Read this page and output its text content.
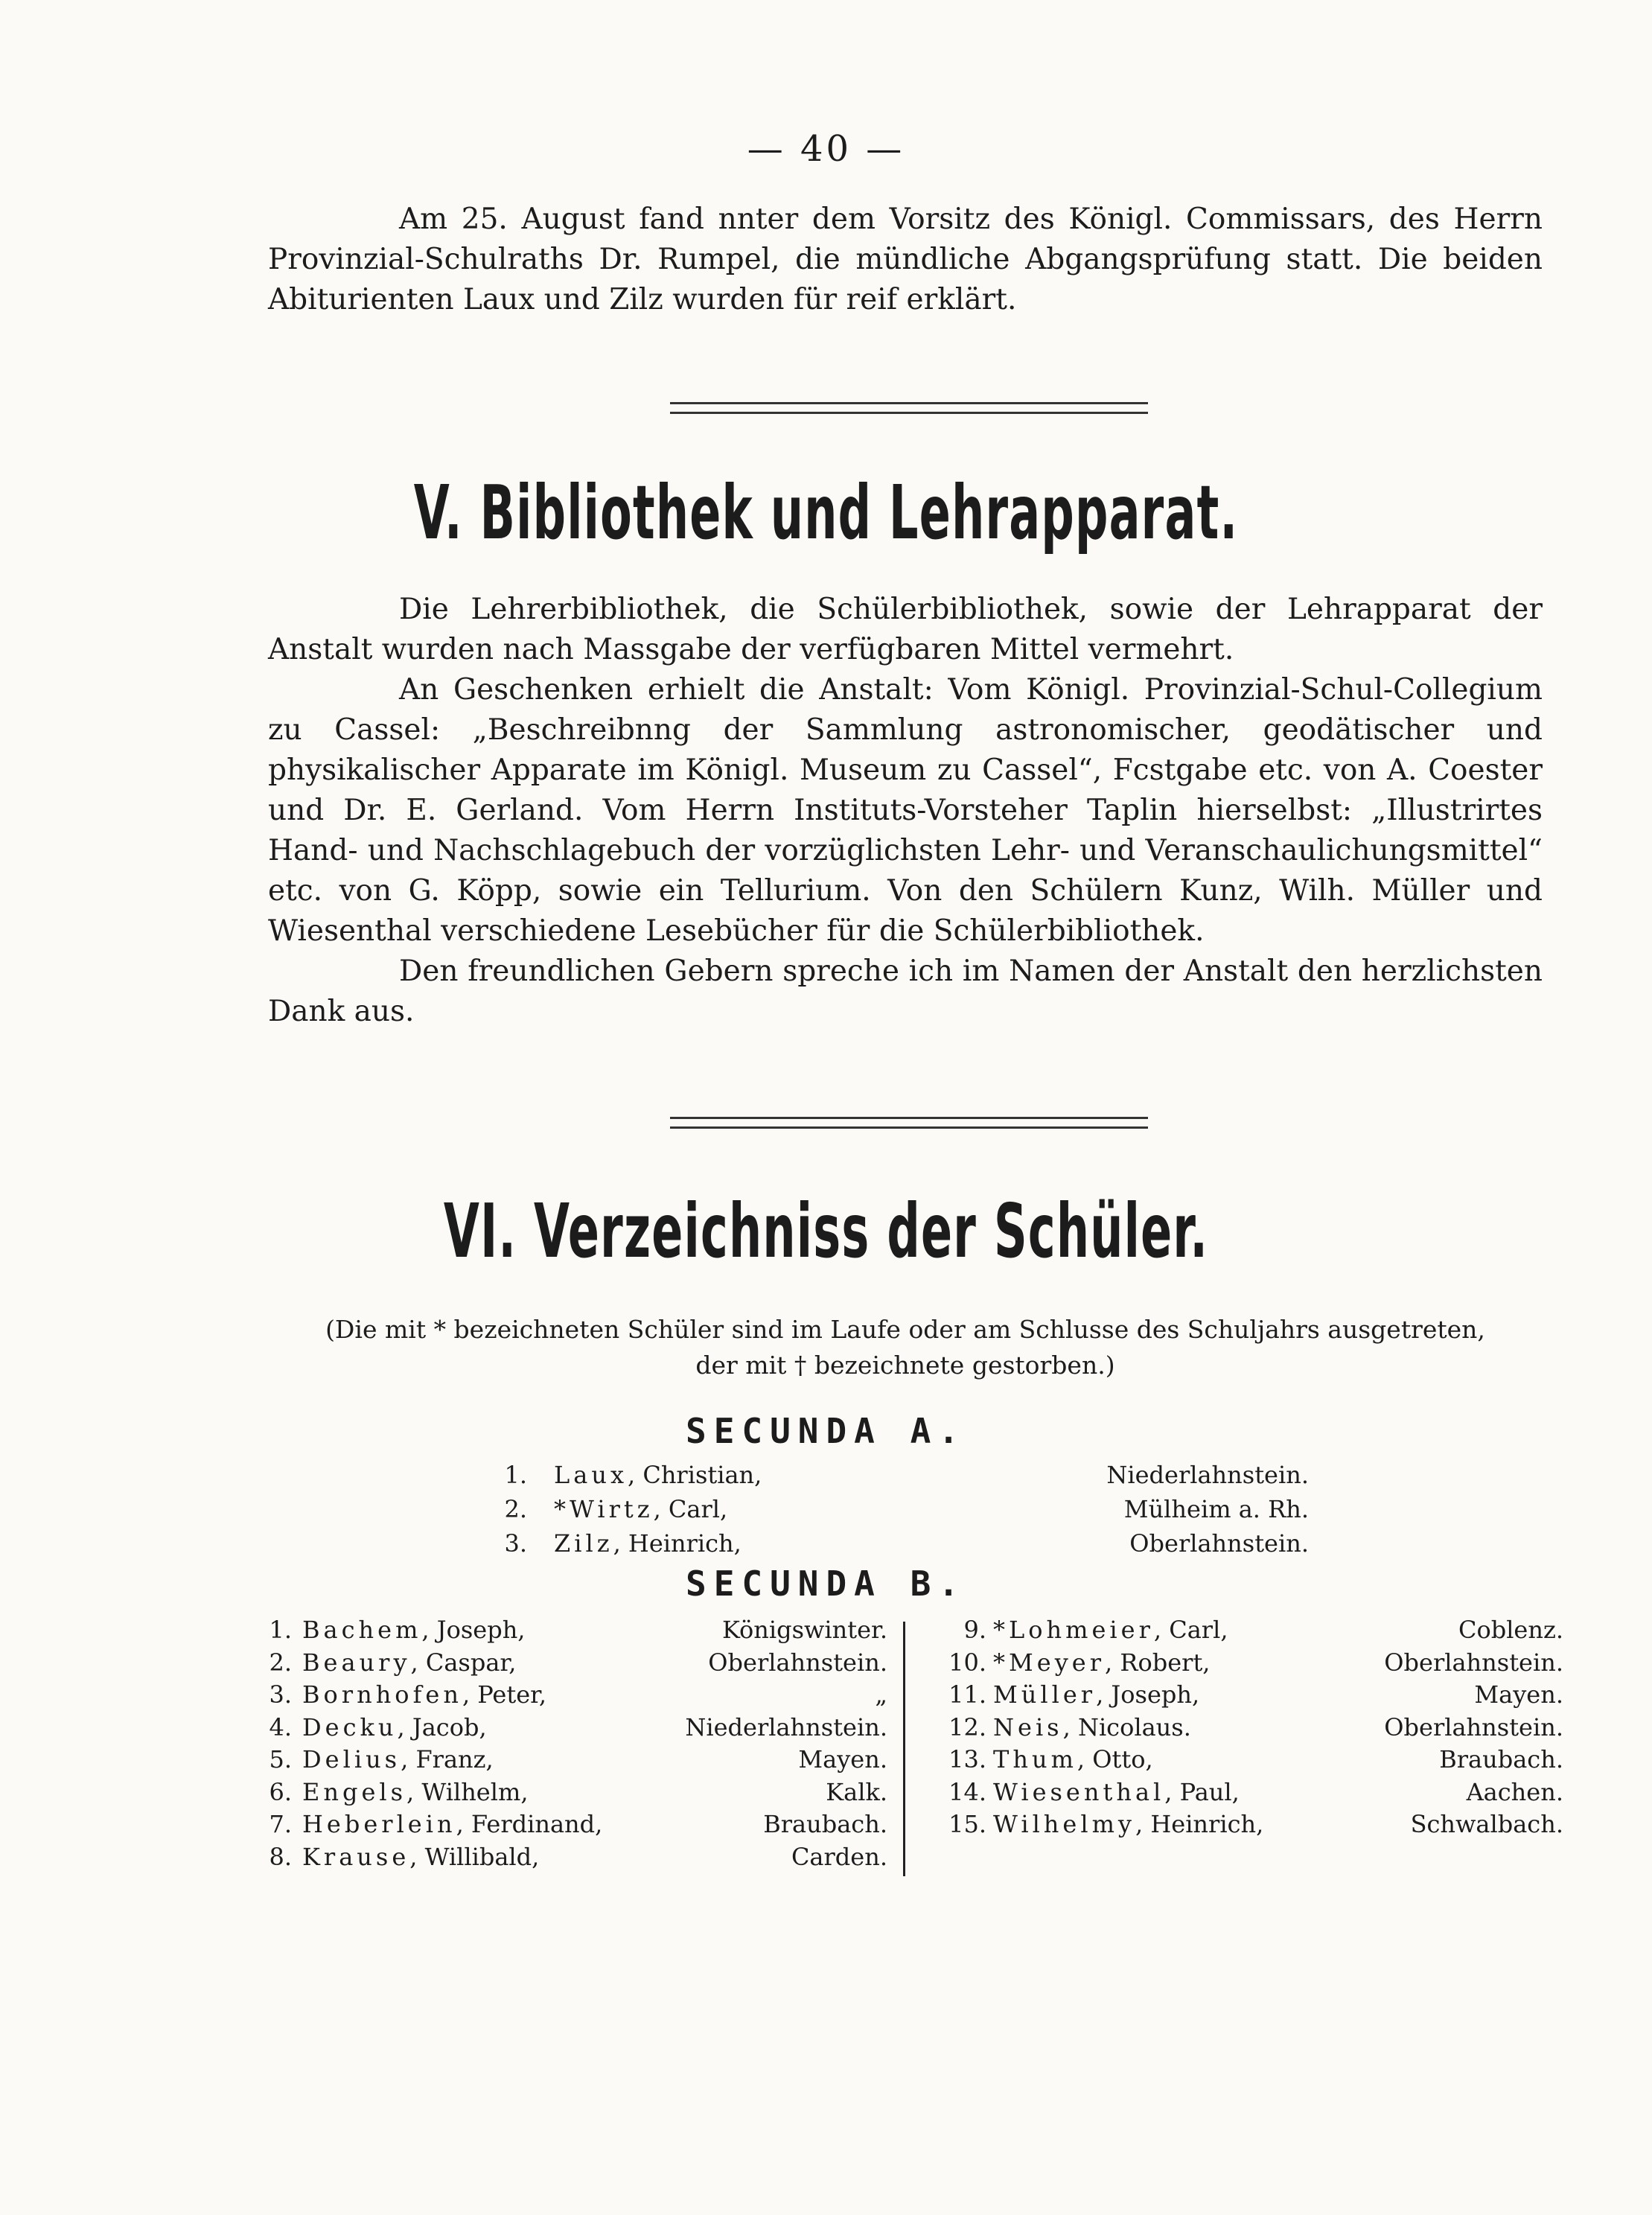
— 40 —

Am 25. August fand nnter dem Vorsitz des Königl. Commissars, des Herrn Provinzial-Schulraths Dr. Rumpel, die mündliche Abgangsprüfung statt. Die beiden Abiturienten Laux und Zilz wurden für reif erklärt.

V. Bibliothek und Lehrapparat.

Die Lehrerbibliothek, die Schülerbibliothek, sowie der Lehrapparat der Anstalt wurden nach Massgabe der verfügbaren Mittel vermehrt.

An Geschenken erhielt die Anstalt: Vom Königl. Provinzial-Schul-Collegium zu Cassel: „Beschreibnng der Sammlung astronomischer, geodätischer und physikalischer Apparate im Königl. Museum zu Cassel“, Fcstgabe etc. von A. Coester und Dr. E. Gerland. Vom Herrn Instituts-Vorsteher Taplin hierselbst: „Illustrirtes Hand- und Nachschlagebuch der vorzüglichsten Lehr- und Veranschaulichungsmittel“ etc. von G. Köpp, sowie ein Tellurium. Von den Schülern Kunz, Wilh. Müller und Wiesenthal verschiedene Lesebücher für die Schülerbibliothek.

Den freundlichen Gebern spreche ich im Namen der Anstalt den herzlichsten Dank aus.

VI. Verzeichniss der Schüler.
(Die mit * bezeichneten Schüler sind im Laufe oder am Schlusse des Schuljahrs ausgetreten,
der mit † bezeichnete gestorben.)
SECUNDA A.
1. Laux, Christian,	Niederlahnstein.
2. *Wirtz, Carl,	Mülheim a. Rh.
3. Zilz, Heinrich,	Oberlahnstein.
SECUNDA B.
1. Bachem, Joseph,	Königswinter.
2. Beaury, Caspar,	Oberlahnstein.
3. Bornhofen, Peter,	„
4. Decku, Jacob,	Niederlahnstein.
5. Delius, Franz,	Mayen.
6. Engels, Wilhelm,	Kalk.
7. Heberlein, Ferdinand,	Braubach.
8. Krause, Willibald,	Carden.
9. *Lohmeier, Carl,	Coblenz.
10. *Meyer, Robert,	Oberlahnstein.
11. Müller, Joseph,	Mayen.
12. Neis, Nicolaus.	Oberlahnstein.
13. Thum, Otto,	Braubach.
14. Wiesenthal, Paul,	Aachen.
15. Wilhelmy, Heinrich,	Schwalbach.
